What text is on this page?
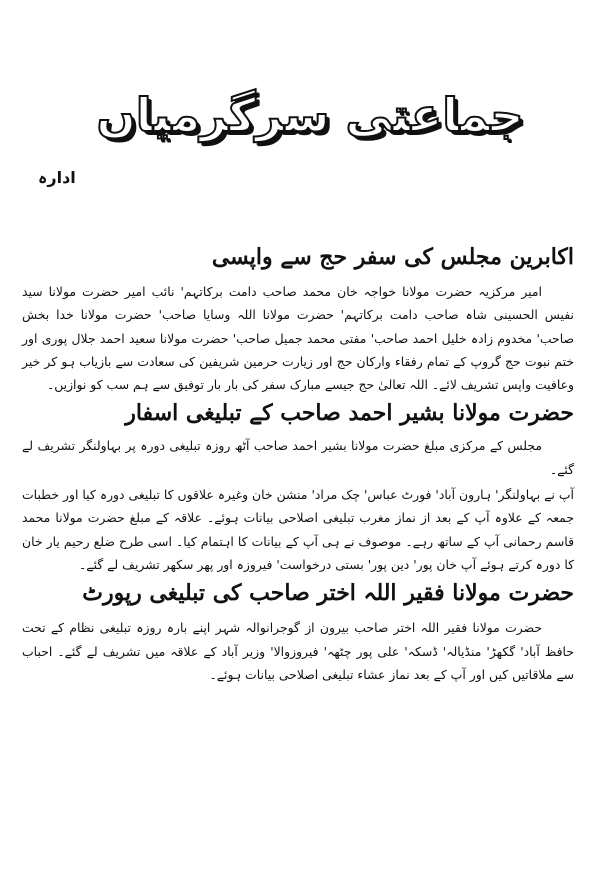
جماعتی سرگرمیاں
ادارہ
اکابرین مجلس کی سفر حج سے واپسی

امیر مرکزیہ حضرت مولانا خواجہ خان محمد صاحب دامت برکاتہم' نائب امیر حضرت مولانا سید نفیس الحسینی شاہ صاحب دامت برکاتہم' حضرت مولانا اللہ وسایا صاحب' حضرت مولانا خدا بخش صاحب' مخدوم زادہ خلیل احمد صاحب' مفتی محمد جمیل صاحب' حضرت مولانا سعید احمد جلال پوری اور ختم نبوت حج گروپ کے تمام رفقاء وارکان حج اور زیارت حرمین شریفین کی سعادت سے بازیاب ہو کر خیر وعافیت واپس تشریف لائے۔ اللہ تعالیٰ حج جیسے مبارک سفر کی بار بار توفیق سے ہم سب کو نوازیں۔

حضرت مولانا بشیر احمد صاحب کے تبلیغی اسفار

مجلس کے مرکزی مبلغ حضرت مولانا بشیر احمد صاحب آٹھ روزہ تبلیغی دورہ پر بہاولنگر تشریف لے گئے۔

آپ نے بہاولنگر' ہارون آباد' فورٹ عباس' چک مراد' منشن خان وغیرہ علاقوں کا تبلیغی دورہ کیا اور خطبات جمعہ کے علاوہ آپ کے بعد از نماز مغرب تبلیغی اصلاحی بیانات ہوئے۔ علاقہ کے مبلغ حضرت مولانا محمد قاسم رحمانی آپ کے ساتھ رہے۔ موصوف نے ہی آپ کے بیانات کا اہتمام کیا۔ اسی طرح ضلع رحیم یار خان کا دورہ کرتے ہوئے آپ خان پور' دین پور' بستی درخواست' فیروزہ اور پھر سکھر تشریف لے گئے۔

حضرت مولانا فقیر اللہ اختر صاحب کی تبلیغی رپورٹ

حضرت مولانا فقیر اللہ اختر صاحب بیرون از گوجرانوالہ شہر اپنے بارہ روزہ تبلیغی نظام کے تحت حافظ آباد' گکھڑ' منڈیالہ' ڈسکہ' علی پور چٹھہ' فیروزوالا' وزیر آباد کے علاقہ میں تشریف لے گئے۔ احباب سے ملاقاتیں کیں اور آپ کے بعد نماز عشاء تبلیغی اصلاحی بیانات ہوئے۔
